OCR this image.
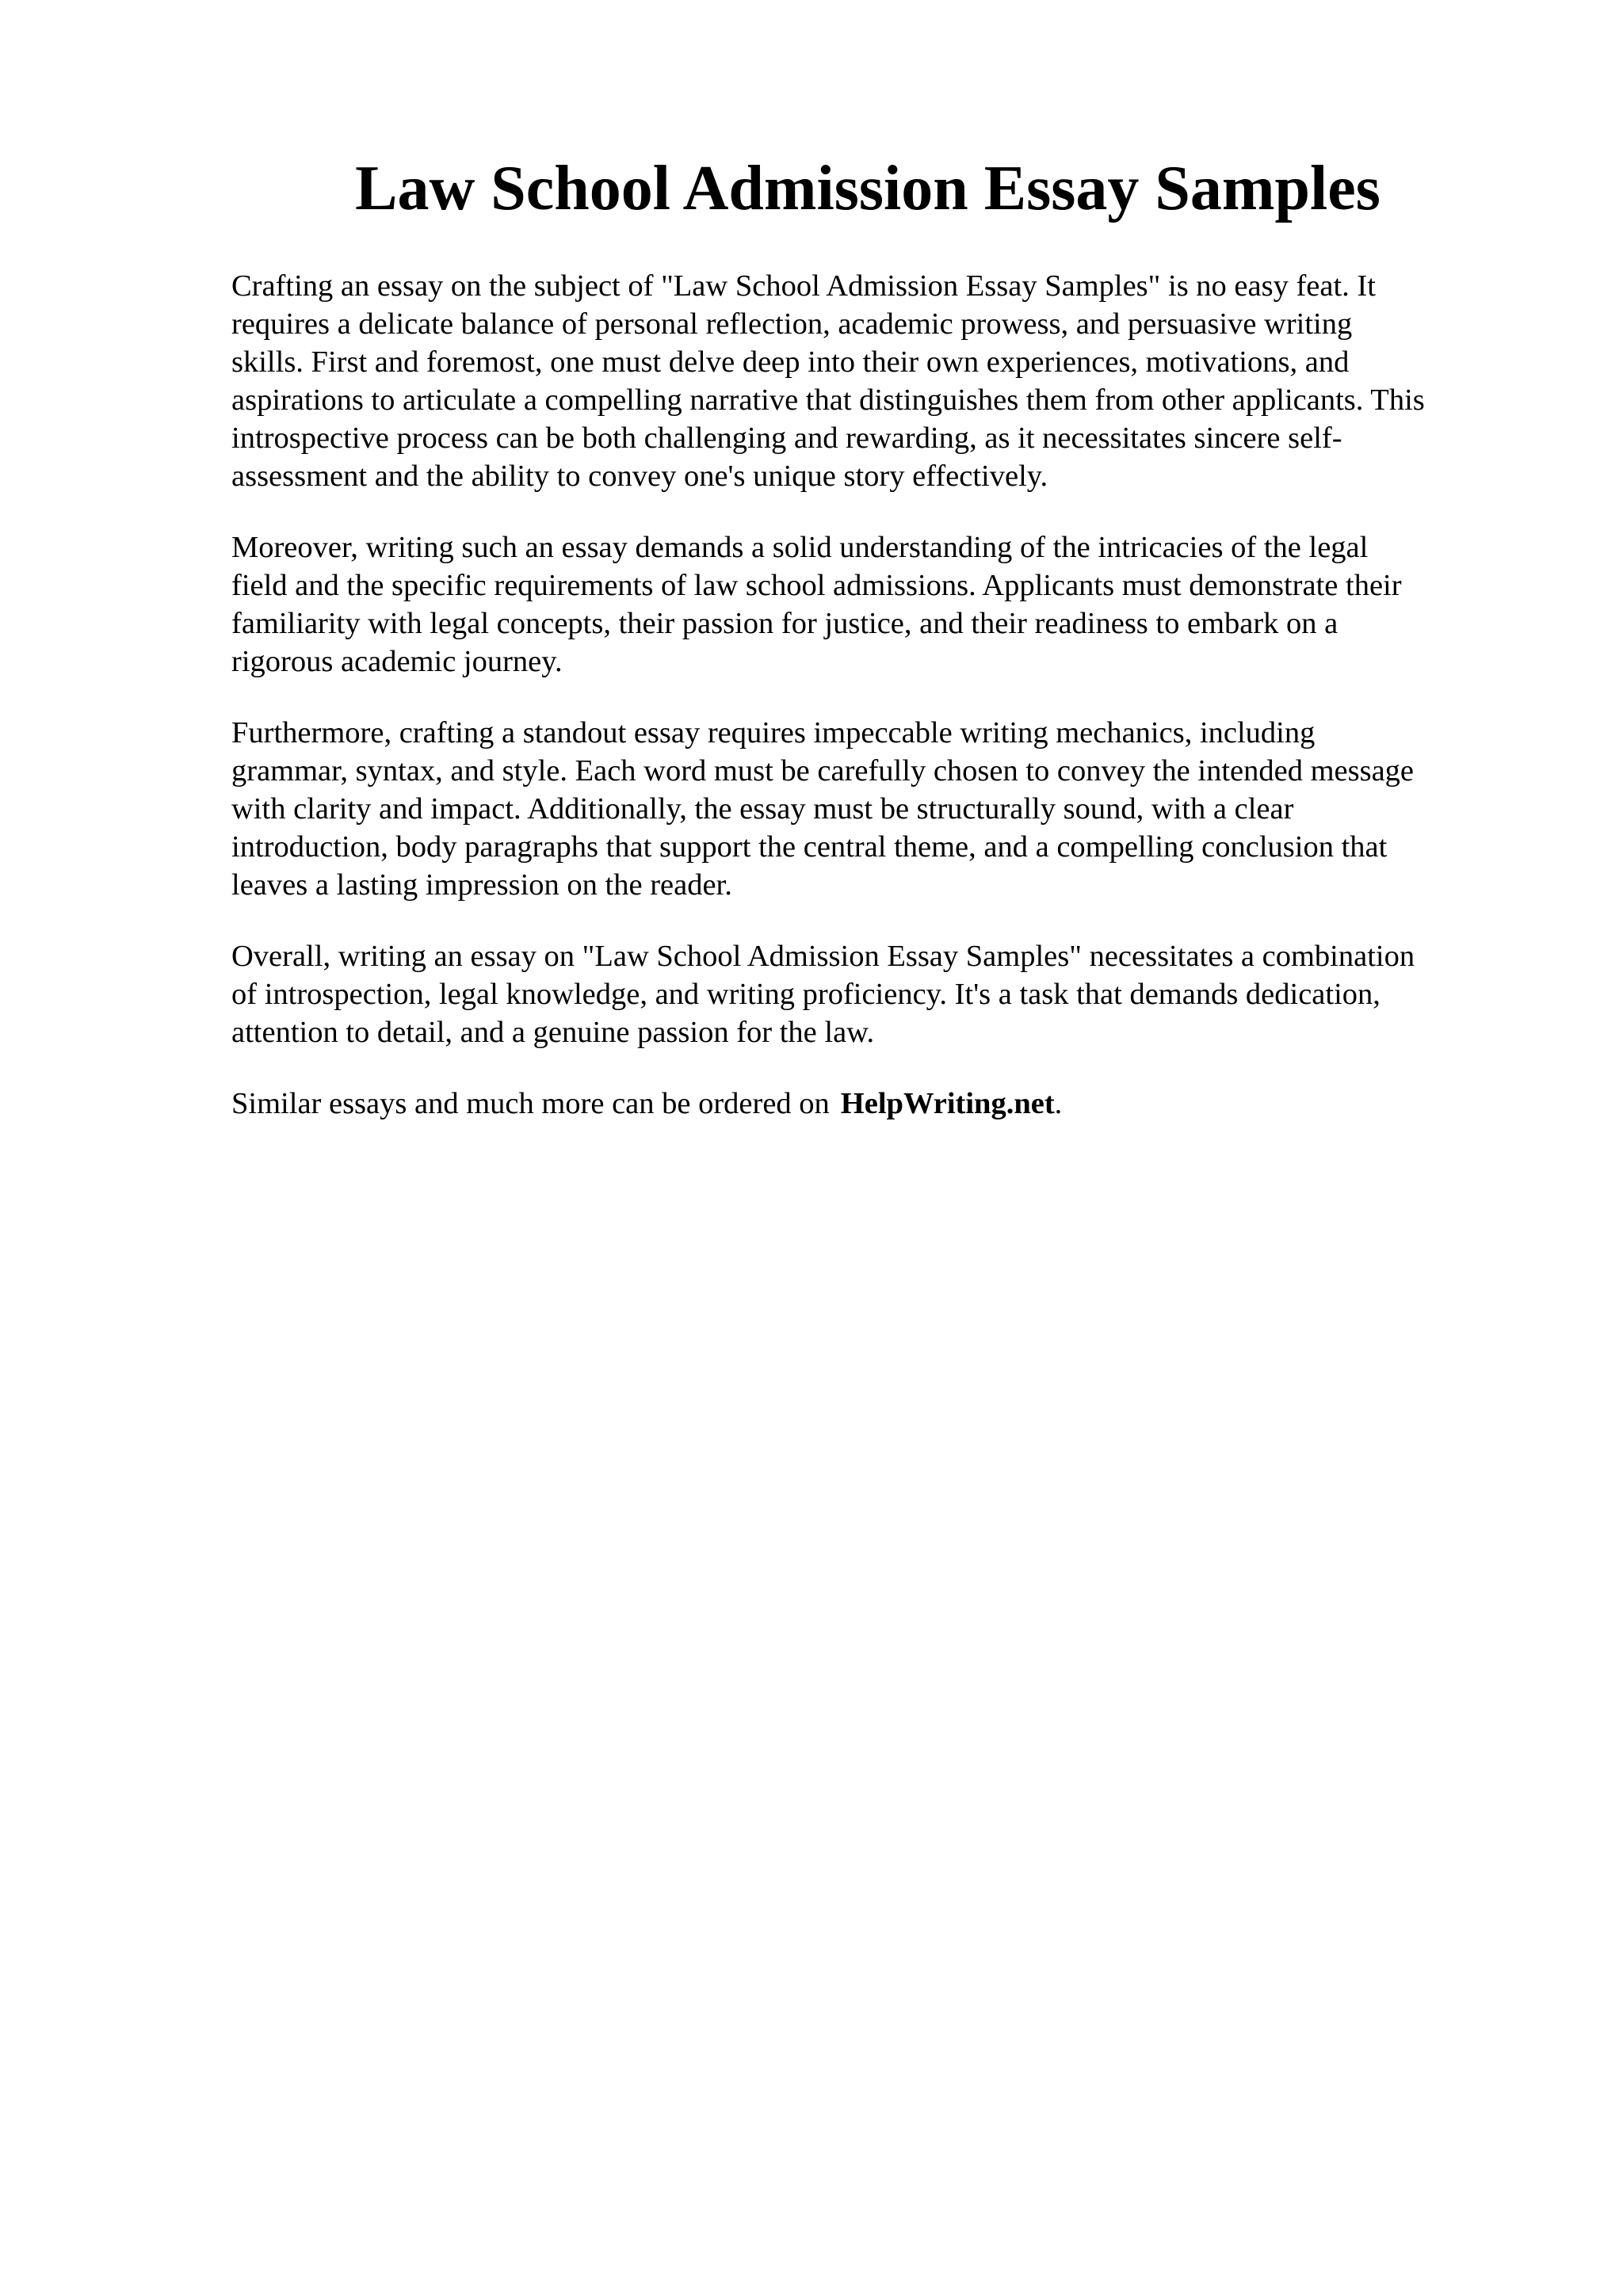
Law School Admission Essay Samples

Crafting an essay on the subject of "Law School Admission Essay Samples" is no easy feat. It
requires a delicate balance of personal reflection, academic prowess, and persuasive writing
skills. First and foremost, one must delve deep into their own experiences, motivations, and
aspirations to articulate a compelling narrative that distinguishes them from other applicants. This
introspective process can be both challenging and rewarding, as it necessitates sincere self-
assessment and the ability to convey one's unique story effectively.

Moreover, writing such an essay demands a solid understanding of the intricacies of the legal
field and the specific requirements of law school admissions. Applicants must demonstrate their
familiarity with legal concepts, their passion for justice, and their readiness to embark on a
rigorous academic journey.

Furthermore, crafting a standout essay requires impeccable writing mechanics, including
grammar, syntax, and style. Each word must be carefully chosen to convey the intended message
with clarity and impact. Additionally, the essay must be structurally sound, with a clear
introduction, body paragraphs that support the central theme, and a compelling conclusion that
leaves a lasting impression on the reader.

Overall, writing an essay on "Law School Admission Essay Samples" necessitates a combination
of introspection, legal knowledge, and writing proficiency. It's a task that demands dedication,
attention to detail, and a genuine passion for the law.

Similar essays and much more can be ordered on HelpWriting.net.
